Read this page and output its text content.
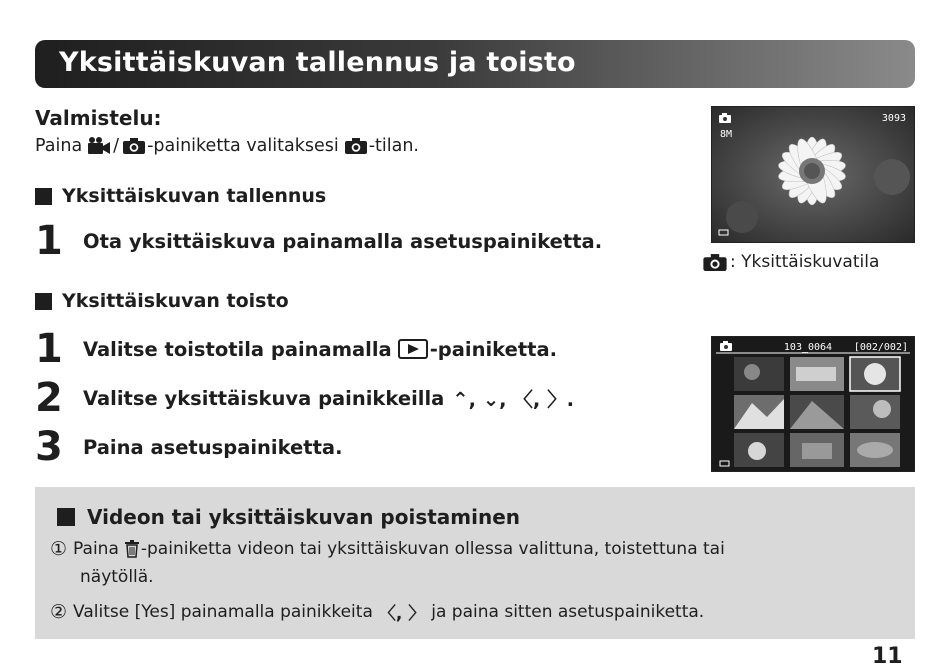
Yksittäiskuvan tallennus ja toisto
Valmistelu:
Paina / -painiketta valitaksesi -tilan.
Yksittäiskuvan tallennus
1	Ota yksittäiskuva painamalla asetuspainiketta.
Yksittäiskuvan toisto
1	Valitse toistotila painamalla -painiketta.
2	Valitse yksittäiskuva painikkeilla ⌃, ⌄, 〈, 〉.
3	Paina asetuspainiketta.
8M
3093
: Yksittäiskuvatila
103_0064 [002/002]
Videon tai yksittäiskuvan poistaminen
① Paina -painiketta videon tai yksittäiskuvan ollessa valittuna, toistettuna tai
näytöllä.
② Valitse [Yes] painamalla painikkeita 〈, 〉 ja paina sitten asetuspainiketta.
11
